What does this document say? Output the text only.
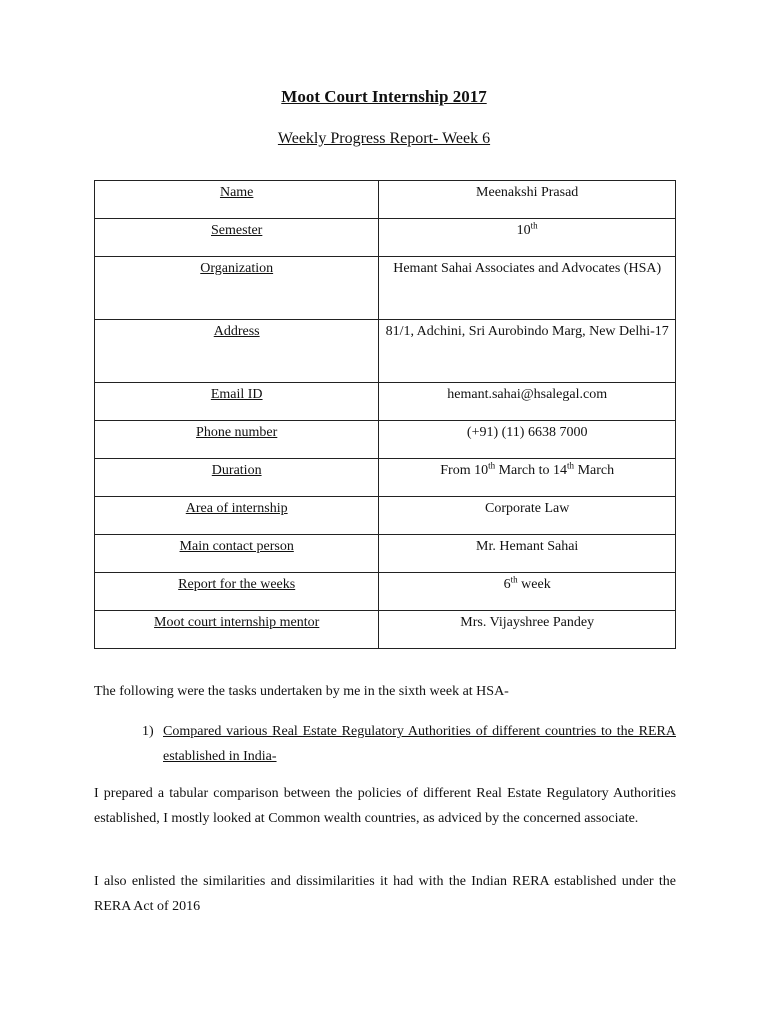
Moot Court Internship 2017
Weekly Progress Report- Week 6
Name	Meenakshi Prasad
Semester	10th
Organization	Hemant Sahai Associates and Advocates (HSA)
Address	81/1, Adchini, Sri Aurobindo Marg, New Delhi-17
Email ID	hemant.sahai@hsalegal.com
Phone number	(+91) (11) 6638 7000
Duration	From 10th March to 14th March
Area of internship	Corporate Law
Main contact person	Mr. Hemant Sahai
Report for the weeks	6th week
Moot court internship mentor	Mrs. Vijayshree Pandey
The following were the tasks undertaken by me in the sixth week at HSA-
1) Compared various Real Estate Regulatory Authorities of different countries to the RERA established in India-
I prepared a tabular comparison between the policies of different Real Estate Regulatory Authorities established, I mostly looked at Common wealth countries, as adviced by the concerned associate.
I also enlisted the similarities and dissimilarities it had with the Indian RERA established under the RERA Act of 2016
